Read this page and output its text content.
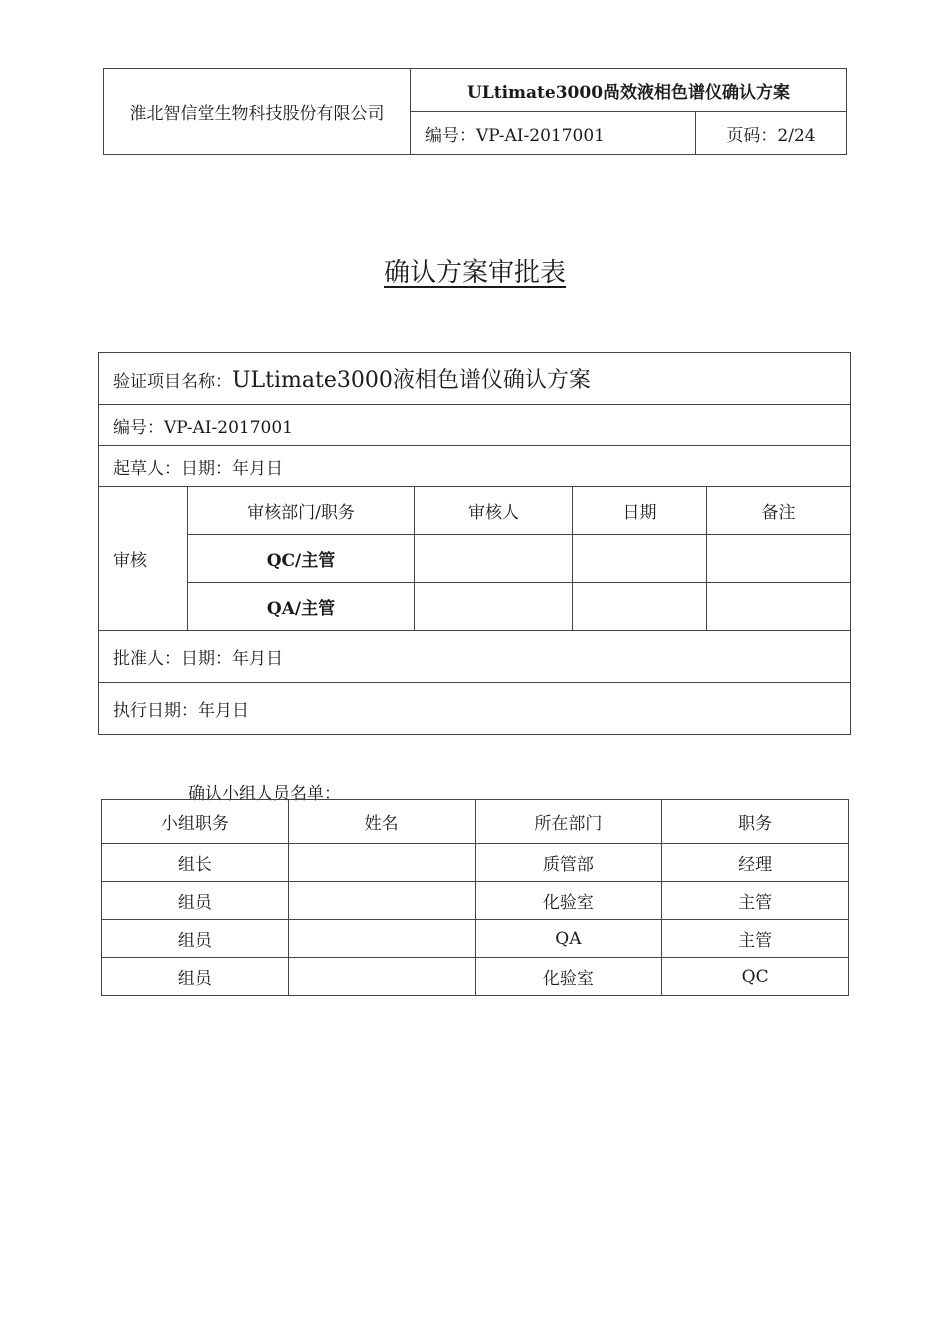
淮北智信堂生物科技股份有限公司	ULtimate3000咼效液相色谱仪确认方案	
	编号：VP-AI-2017001	页码：2/24
确认方案审批表
验证项目名称：ULtimate3000液相色谱仪确认方案				
编号：VP-AI-2017001				
起草人：日期：年月日				
审核	审核部门/职务	审核人	日期	备注
	QC/主管			
	QA/主管			
批准人：日期：年月日				
执行日期：年月日				
确认小组人员名单：
小组职务	姓名	所在部门	职务
组长		质管部	经理
组员		化验室	主管
组员		QA	主管
组员		化验室	QC
